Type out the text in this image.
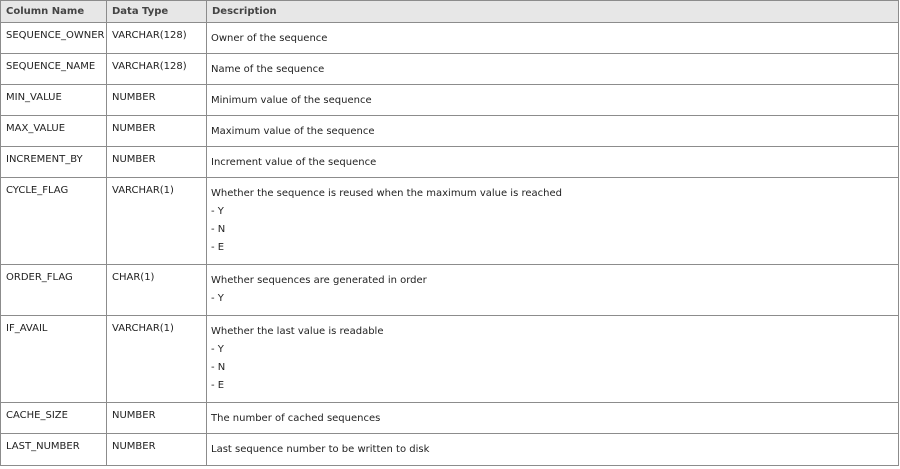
Column Name	Data Type	Description
SEQUENCE_OWNER	VARCHAR(128)	Owner of the sequence

SEQUENCE_NAME	VARCHAR(128)	Name of the sequence

MIN_VALUE	NUMBER	Minimum value of the sequence

MAX_VALUE	NUMBER	Maximum value of the sequence

INCREMENT_BY	NUMBER	Increment value of the sequence

CYCLE_FLAG	VARCHAR(1)	Whether the sequence is reused when the maximum value is reached
- Y
- N
- E

ORDER_FLAG	CHAR(1)	Whether sequences are generated in order
- Y

IF_AVAIL	VARCHAR(1)	Whether the last value is readable
- Y
- N
- E

CACHE_SIZE	NUMBER	The number of cached sequences

LAST_NUMBER	NUMBER	Last sequence number to be written to disk
